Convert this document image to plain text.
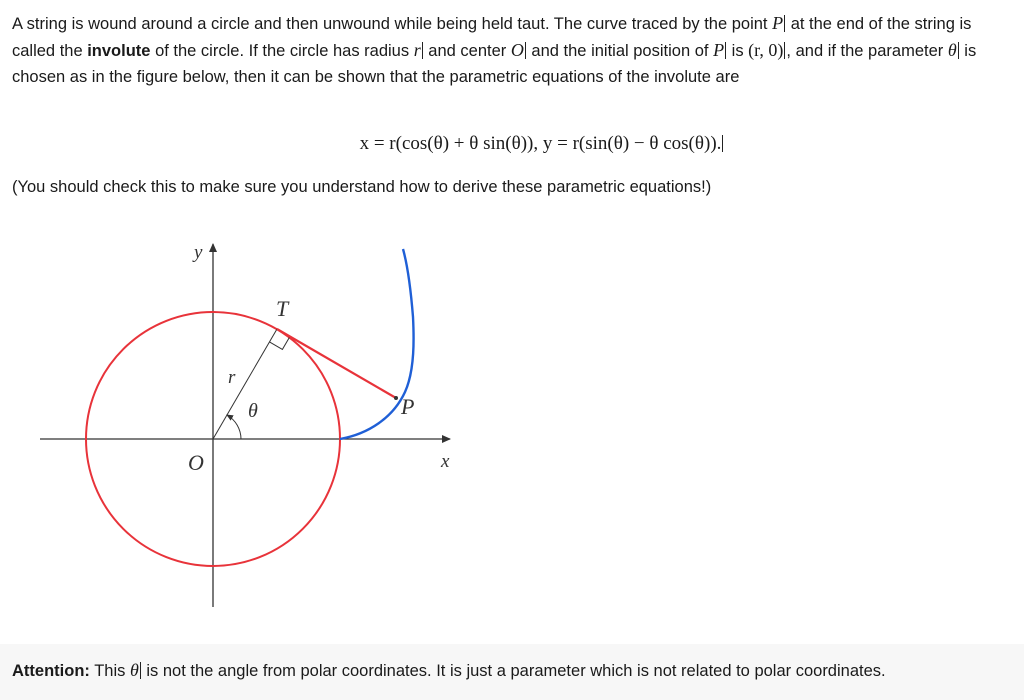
A string is wound around a circle and then unwound while being held taut. The curve traced by the point P at the end of the string is called the involute of the circle. If the circle has radius r and center O and the initial position of P is (r, 0) , and if the parameter θ is chosen as in the figure below, then it can be shown that the parametric equations of the involute are
x = r(cos(θ) + θ sin(θ)), y = r(sin(θ) − θ cos(θ)).
(You should check this to make sure you understand how to derive these parametric equations!)
y
x
O
T
P
r
θ
Attention: This θ is not the angle from polar coordinates. It is just a parameter which is not related to polar coordinates.
